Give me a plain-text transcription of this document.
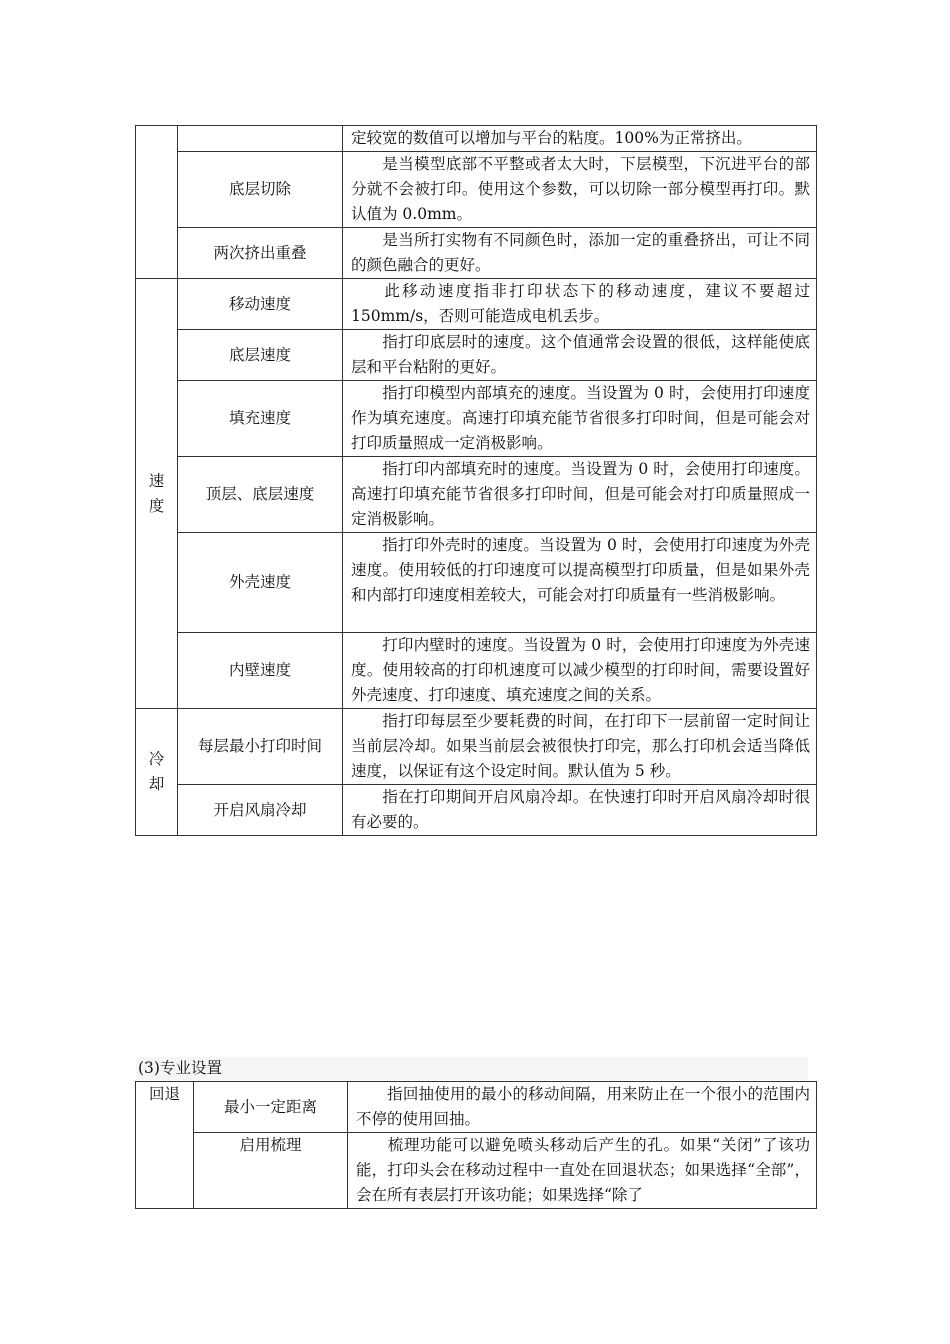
		定较宽的数值可以增加与平台的粘度。100%为正常挤出。
	底层切除	是当模型底部不平整或者太大时，下层模型，下沉进平台的部分就不会被打印。使用这个参数，可以切除一部分模型再打印。默认值为 0.0mm。
	两次挤出重叠	是当所打实物有不同颜色时，添加一定的重叠挤出，可让不同的颜色融合的更好。
速度	移动速度	此移动速度指非打印状态下的移动速度，建议不要超过 150mm/s，否则可能造成电机丢步。
	底层速度	指打印底层时的速度。这个值通常会设置的很低，这样能使底层和平台粘附的更好。
	填充速度	指打印模型内部填充的速度。当设置为 0 时，会使用打印速度作为填充速度。高速打印填充能节省很多打印时间，但是可能会对打印质量照成一定消极影响。
	顶层、底层速度	指打印内部填充时的速度。当设置为 0 时，会使用打印速度。高速打印填充能节省很多打印时间，但是可能会对打印质量照成一定消极影响。
	外壳速度	指打印外壳时的速度。当设置为 0 时，会使用打印速度为外壳速度。使用较低的打印速度可以提高模型打印质量，但是如果外壳和内部打印速度相差较大，可能会对打印质量有一些消极影响。
	内壁速度	打印内壁时的速度。当设置为 0 时，会使用打印速度为外壳速度。使用较高的打印机速度可以减少模型的打印时间，需要设置好外壳速度、打印速度、填充速度之间的关系。
冷却	每层最小打印时间	指打印每层至少要耗费的时间，在打印下一层前留一定时间让当前层冷却。如果当前层会被很快打印完，那么打印机会适当降低速度，以保证有这个设定时间。默认值为 5 秒。
	开启风扇冷却	指在打印期间开启风扇冷却。在快速打印时开启风扇冷却时很有必要的。
(3)专业设置
回退	最小一定距离	指回抽使用的最小的移动间隔，用来防止在一个很小的范围内不停的使用回抽。
	启用梳理	梳理功能可以避免喷头移动后产生的孔。如果“关闭”了该功能，打印头会在移动过程中一直处在回退状态；如果选择“全部”，会在所有表层打开该功能；如果选择“除了
